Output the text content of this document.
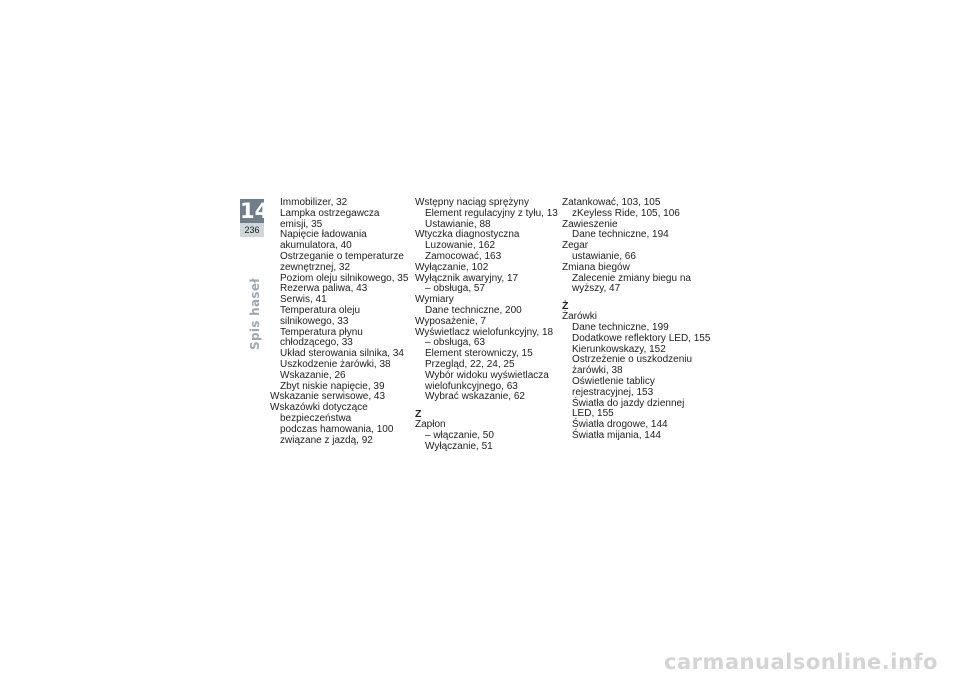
14
236
Spis haseł
Immobilizer, 32
Lampka ostrzegawcza
emisji, 35
Napięcie ładowania
akumulatora, 40
Ostrzeganie o temperaturze
zewnętrznej, 32
Poziom oleju silnikowego, 35
Rezerwa paliwa, 43
Serwis, 41
Temperatura oleju
silnikowego, 33
Temperatura płynu
chłodzącego, 33
Układ sterowania silnika, 34
Uszkodzenie żarówki, 38
Wskazanie, 26
Zbyt niskie napięcie, 39
Wskazanie serwisowe, 43
Wskazówki dotyczące
bezpieczeństwa
podczas hamowania, 100
związane z jazdą, 92
Wstępny naciąg sprężyny
Element regulacyjny z tyłu, 13
Ustawianie, 88
Wtyczka diagnostyczna
Luzowanie, 162
Zamocować, 163
Wyłączanie, 102
Wyłącznik awaryjny, 17
– obsługa, 57
Wymiary
Dane techniczne, 200
Wyposażenie, 7
Wyświetlacz wielofunkcyjny, 18
– obsługa, 63
Element sterowniczy, 15
Przegląd, 22, 24, 25
Wybór widoku wyświetlacza
wielofunkcyjnego, 63
Wybrać wskazanie, 62
Z
Zapłon
– włączanie, 50
Wyłączanie, 51
Zatankować, 103, 105
zKeyless Ride, 105, 106
Zawieszenie
Dane techniczne, 194
Zegar
ustawianie, 66
Zmiana biegów
Zalecenie zmiany biegu na
wyższy, 47
Ż
Żarówki
Dane techniczne, 199
Dodatkowe reflektory LED, 155
Kierunkowskazy, 152
Ostrzeżenie o uszkodzeniu
żarówki, 38
Oświetlenie tablicy
rejestracyjnej, 153
Światła do jazdy dziennej
LED, 155
Światła drogowe, 144
Światła mijania, 144
carmanualsonline.info
